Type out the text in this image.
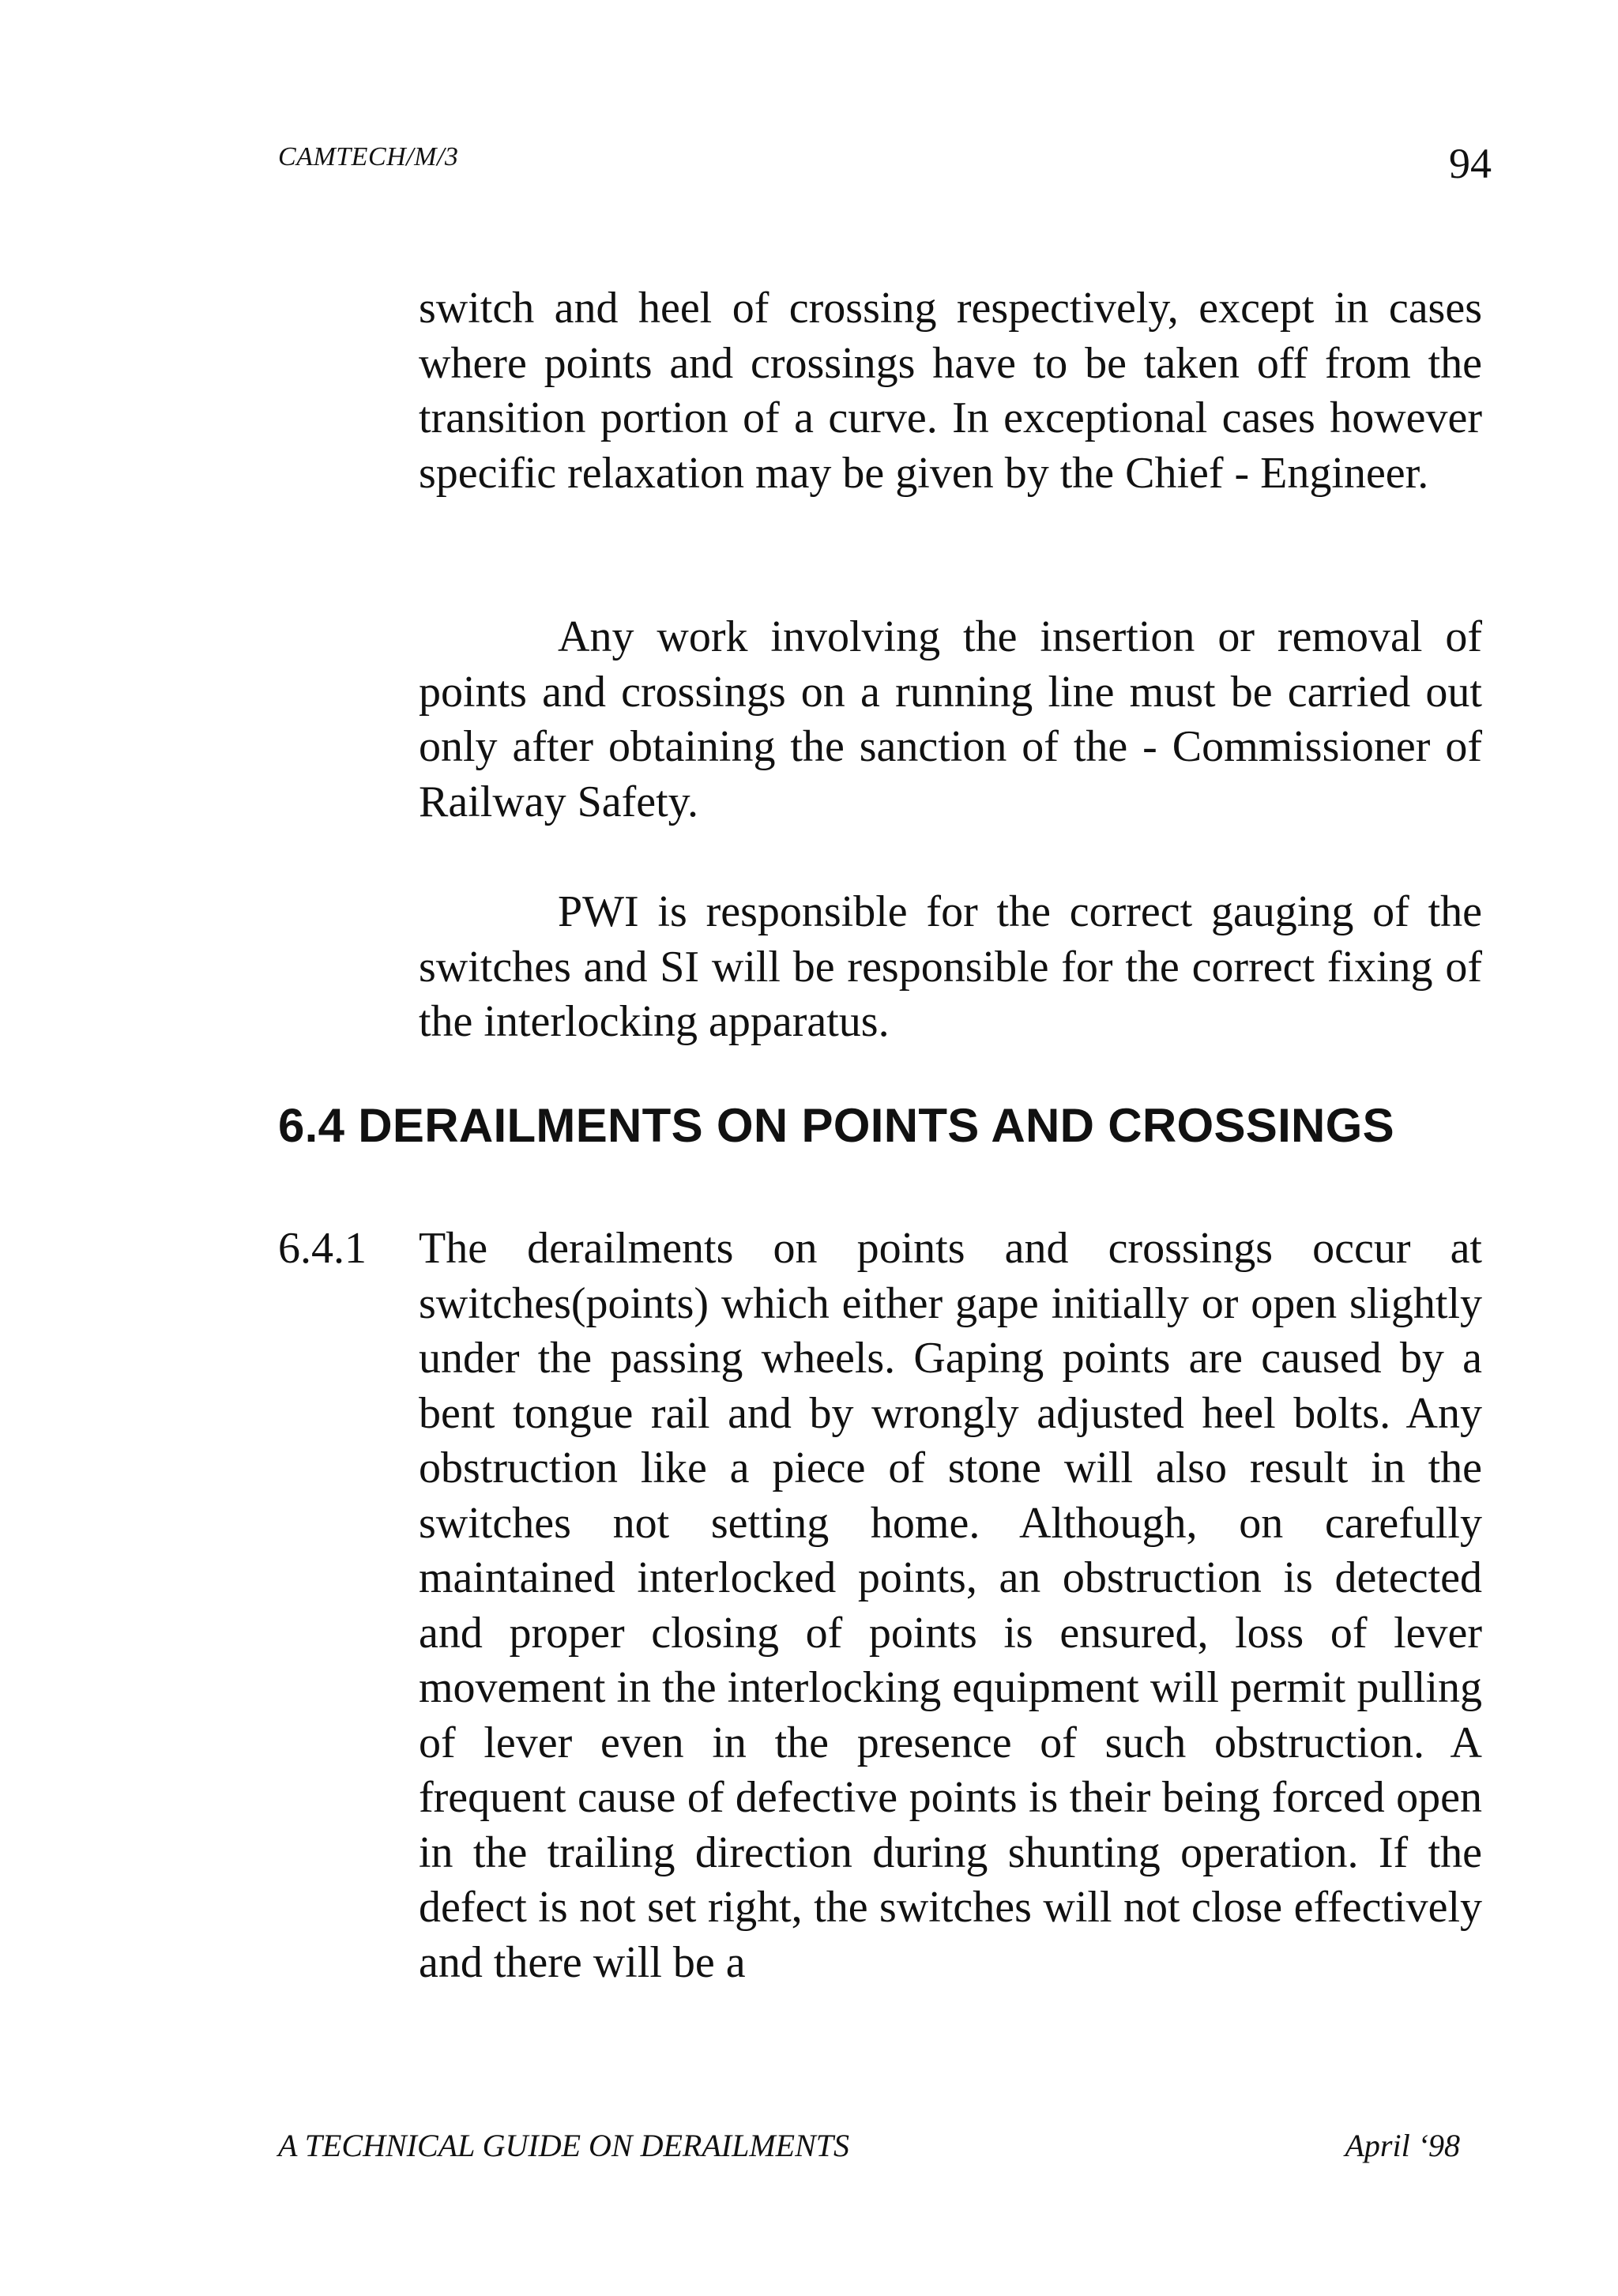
CAMTECH/M/3	94

switch and heel of crossing respectively, except in cases where points and crossings have to be taken off from the transition portion of a curve. In exceptional cases however specific relaxation may be given by the Chief - Engineer.

Any work involving the insertion or removal of points and crossings on a running line must be carried out only after obtaining the sanction of the - Commissioner of Railway Safety.

PWI is responsible for the correct gauging of the switches and SI will be responsible for the correct fixing of the interlocking apparatus.

6.4 DERAILMENTS ON POINTS AND CROSSINGS
6.4.1 The derailments on points and crossings occur at switches(points) which either gape initially or open slightly under the passing wheels. Gaping points are caused by a bent tongue rail and by wrongly adjusted heel bolts. Any obstruction like a piece of stone will also result in the switches not setting home. Although, on carefully maintained interlocked points, an obstruction is detected and proper closing of points is ensured, loss of lever movement in the interlocking equipment will permit pulling of lever even in the presence of such obstruction. A frequent cause of defective points is their being forced open in the trailing direction during shunting operation. If the defect is not set right, the switches will not close effectively and there will be a

A TECHNICAL GUIDE ON DERAILMENTS	April ‘98
